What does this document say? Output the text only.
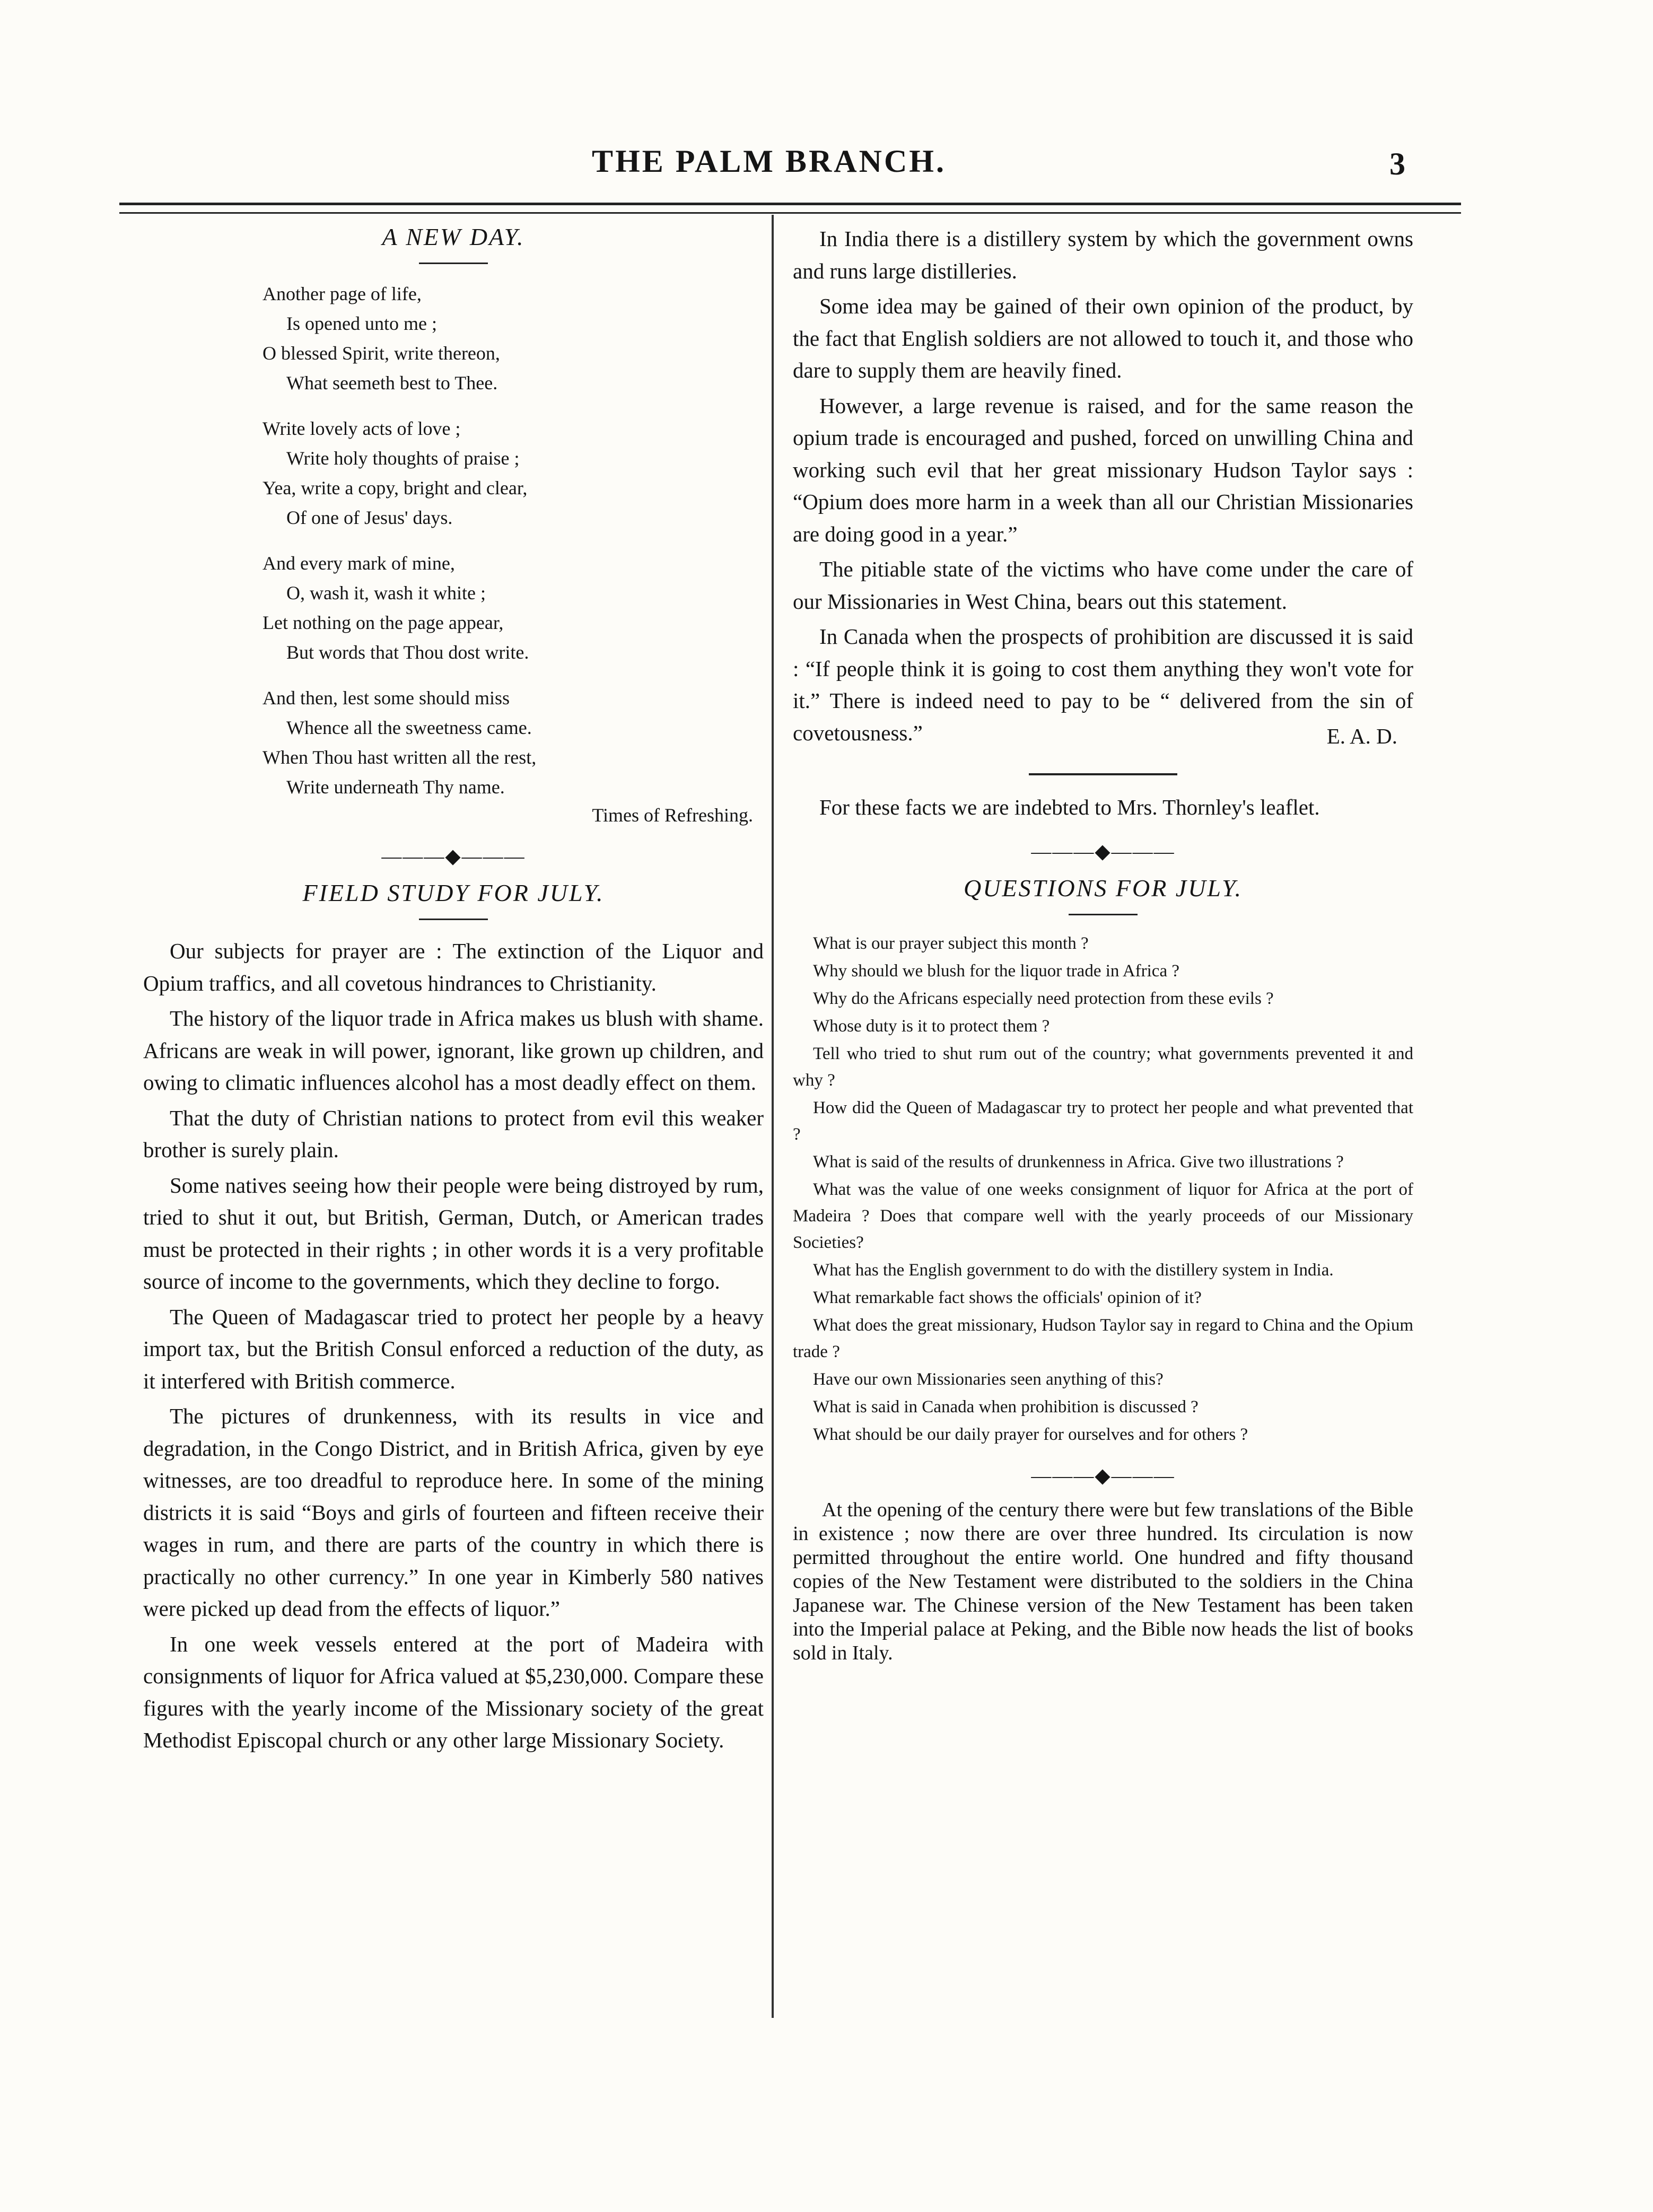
THE PALM BRANCH.	3
A NEW DAY.
Another page of life,
Is opened unto me ;
O blessed Spirit, write thereon,
What seemeth best to Thee.
Write lovely acts of love ;
Write holy thoughts of praise ;
Yea, write a copy, bright and clear,
Of one of Jesus' days.
And every mark of mine,
O, wash it, wash it white ;
Let nothing on the page appear,
But words that Thou dost write.
And then, lest some should miss
Whence all the sweetness came.
When Thou hast written all the rest,
Write underneath Thy name.
Times of Refreshing.
———◆———
FIELD STUDY FOR JULY.

Our subjects for prayer are : The extinction of the Liquor and Opium traffics, and all covetous hindrances to Christianity.

The history of the liquor trade in Africa makes us blush with shame. Africans are weak in will power, ignorant, like grown up children, and owing to climatic influences alcohol has a most deadly effect on them.

That the duty of Christian nations to protect from evil this weaker brother is surely plain.

Some natives seeing how their people were being distroyed by rum, tried to shut it out, but British, German, Dutch, or American trades must be protected in their rights ; in other words it is a very profitable source of income to the governments, which they decline to forgo.

The Queen of Madagascar tried to protect her people by a heavy import tax, but the British Consul enforced a reduction of the duty, as it interfered with British commerce.

The pictures of drunkenness, with its results in vice and degradation, in the Congo District, and in British Africa, given by eye witnesses, are too dreadful to reproduce here. In some of the mining districts it is said “Boys and girls of fourteen and fifteen receive their wages in rum, and there are parts of the country in which there is practically no other currency.” In one year in Kimberly 580 natives were picked up dead from the effects of liquor.”

In one week vessels entered at the port of Madeira with consignments of liquor for Africa valued at $5,230,000. Compare these figures with the yearly income of the Missionary society of the great Methodist Episcopal church or any other large Missionary Society.

In India there is a distillery system by which the government owns and runs large distilleries.

Some idea may be gained of their own opinion of the product, by the fact that English soldiers are not allowed to touch it, and those who dare to supply them are heavily fined.

However, a large revenue is raised, and for the same reason the opium trade is encouraged and pushed, forced on unwilling China and working such evil that her great missionary Hudson Taylor says : “Opium does more harm in a week than all our Christian Missionaries are doing good in a year.”

The pitiable state of the victims who have come under the care of our Missionaries in West China, bears out this statement.

In Canada when the prospects of prohibition are discussed it is said : “If people think it is going to cost them anything they won't vote for it.” There is indeed need to pay to be “ delivered from the sin of covetousness.”	E. A. D.

For these facts we are indebted to Mrs. Thornley's leaflet.

———◆———
QUESTIONS FOR JULY.
What is our prayer subject this month ?
Why should we blush for the liquor trade in Africa ?
Why do the Africans especially need protection from these evils ?
Whose duty is it to protect them ?
Tell who tried to shut rum out of the country; what governments prevented it and why ?
How did the Queen of Madagascar try to protect her people and what prevented that ?
What is said of the results of drunkenness in Africa. Give two illustrations ?
What was the value of one weeks consignment of liquor for Africa at the port of Madeira ? Does that compare well with the yearly proceeds of our Missionary Societies?
What has the English government to do with the distillery system in India.
What remarkable fact shows the officials' opinion of it?
What does the great missionary, Hudson Taylor say in regard to China and the Opium trade ?
Have our own Missionaries seen anything of this?
What is said in Canada when prohibition is discussed ?
What should be our daily prayer for ourselves and for others ?
———◆———

At the opening of the century there were but few translations of the Bible in existence ; now there are over three hundred. Its circulation is now permitted throughout the entire world. One hundred and fifty thousand copies of the New Testament were distributed to the soldiers in the China Japanese war. The Chinese version of the New Testament has been taken into the Imperial palace at Peking, and the Bible now heads the list of books sold in Italy.
